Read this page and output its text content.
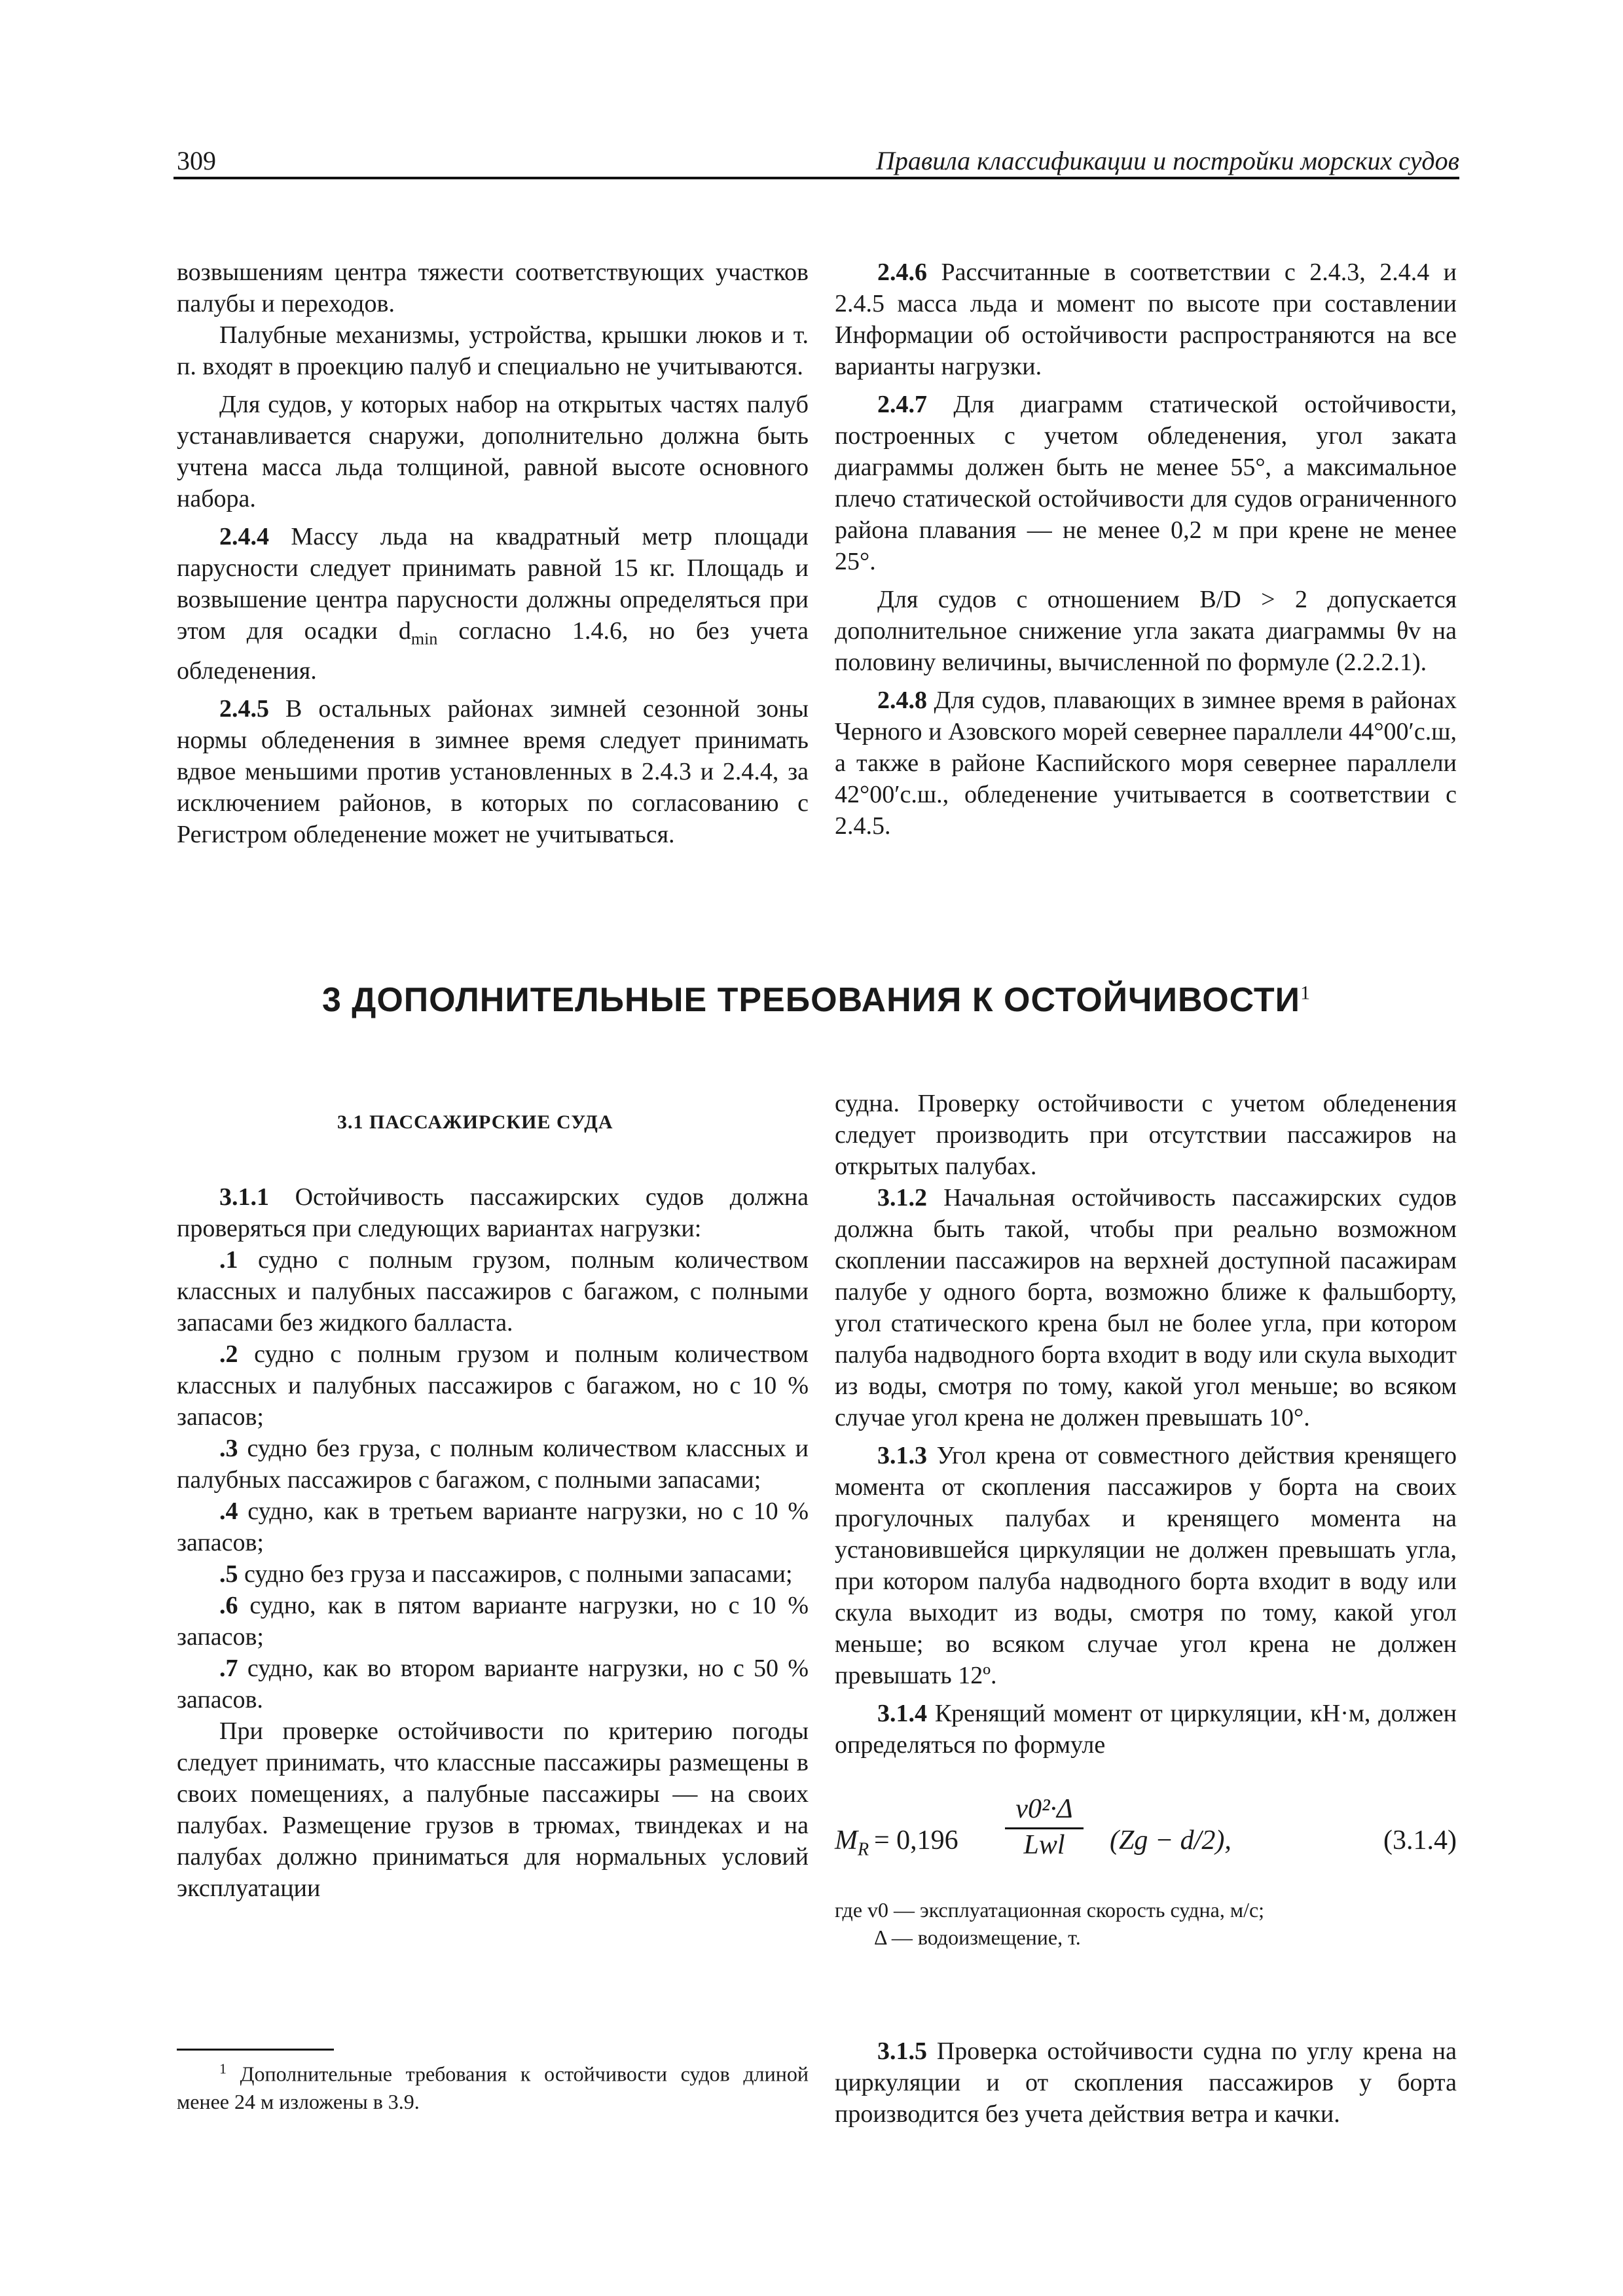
309	Правила классификации и постройки морских судов

возвышениям центра тяжести соответствующих участков палубы и переходов.

Палубные механизмы, устройства, крышки люков и т. п. входят в проекцию палуб и специально не учитываются.

Для судов, у которых набор на открытых частях палуб устанавливается снаружи, дополнительно должна быть учтена масса льда толщиной, равной высоте основного набора.

2.4.4 Массу льда на квадратный метр площади парусности следует принимать равной 15 кг. Площадь и возвышение центра парусности должны определяться при этом для осадки $d_{min}$ согласно 1.4.6, но без учета обледенения.

2.4.5 В остальных районах зимней сезонной зоны нормы обледенения в зимнее время следует принимать вдвое меньшими против установленных в 2.4.3 и 2.4.4, за исключением районов, в которых по согласованию с Регистром обледенение может не учитываться.

2.4.6 Рассчитанные в соответствии с 2.4.3, 2.4.4 и 2.4.5 масса льда и момент по высоте при составлении Информации об остойчивости распространяются на все варианты нагрузки.

2.4.7 Для диаграмм статической остойчивости, построенных с учетом обледенения, угол заката диаграммы должен быть не менее 55°, а максимальное плечо статической остойчивости для судов ограниченного района плавания — не менее 0,2 м при крене не менее 25°.

Для судов с отношением B/D > 2 допускается дополнительное снижение угла заката диаграммы θv на половину величины, вычисленной по формуле (2.2.2.1).

2.4.8 Для судов, плавающих в зимнее время в районах Черного и Азовского морей севернее параллели 44°00′с.ш, а также в районе Каспийского моря севернее параллели 42°00′с.ш., обледенение учитывается в соответствии с 2.4.5.

3 ДОПОЛНИТЕЛЬНЫЕ ТРЕБОВАНИЯ К ОСТОЙЧИВОСТИ$^1$
3.1 ПАССАЖИРСКИЕ СУДА

3.1.1 Остойчивость пассажирских судов должна проверяться при следующих вариантах нагрузки:

.1 судно с полным грузом, полным количеством классных и палубных пассажиров с багажом, с полными запасами без жидкого балласта.

.2 судно с полным грузом и полным количеством классных и палубных пассажиров с багажом, но с 10 % запасов;

.3 судно без груза, с полным количеством классных и палубных пассажиров с багажом, с полными запасами;

.4 судно, как в третьем варианте нагрузки, но с 10 % запасов;

.5 судно без груза и пассажиров, с полными запасами;

.6 судно, как в пятом варианте нагрузки, но с 10 % запасов;

.7 судно, как во втором варианте нагрузки, но с 50 % запасов.

При проверке остойчивости по критерию погоды следует принимать, что классные пассажиры размещены в своих помещениях, а палубные пассажиры — на своих палубах. Размещение грузов в трюмах, твиндеках и на палубах должно приниматься для нормальных условий эксплуатации

$^1$ Дополнительные требования к остойчивости судов длиной менее 24 м изложены в 3.9.

судна. Проверку остойчивости с учетом обледенения следует производить при отсутствии пассажиров на открытых палубах.

3.1.2 Начальная остойчивость пассажирских судов должна быть такой, чтобы при реально возможном скоплении пассажиров на верхней доступной пасажирам палубе у одного борта, возможно ближе к фальшборту, угол статического крена был не более угла, при котором палуба надводного борта входит в воду или скула выходит из воды, смотря по тому, какой угол меньше; во всяком случае угол крена не должен превышать 10°.

3.1.3 Угол крена от совместного действия кренящего момента от скопления пассажиров у борта на своих прогулочных палубах и кренящего момента на установившейся циркуляции не должен превышать угла, при котором палуба надводного борта входит в воду или скула выходит из воды, смотря по тому, какой угол меньше; во всяком случае угол крена не должен превышать 12º.

3.1.4 Кренящий момент от циркуляции, кН·м, должен определяться по формуле

$M_R = 0,196$
v0²·Δ
Lwl	(Zg − d/2),	(3.1.4)
где v0 — эксплуатационная скорость судна, м/с;
Δ — водоизмещение, т.

3.1.5 Проверка остойчивости судна по углу крена на циркуляции и от скопления пассажиров у борта производится без учета действия ветра и качки.
